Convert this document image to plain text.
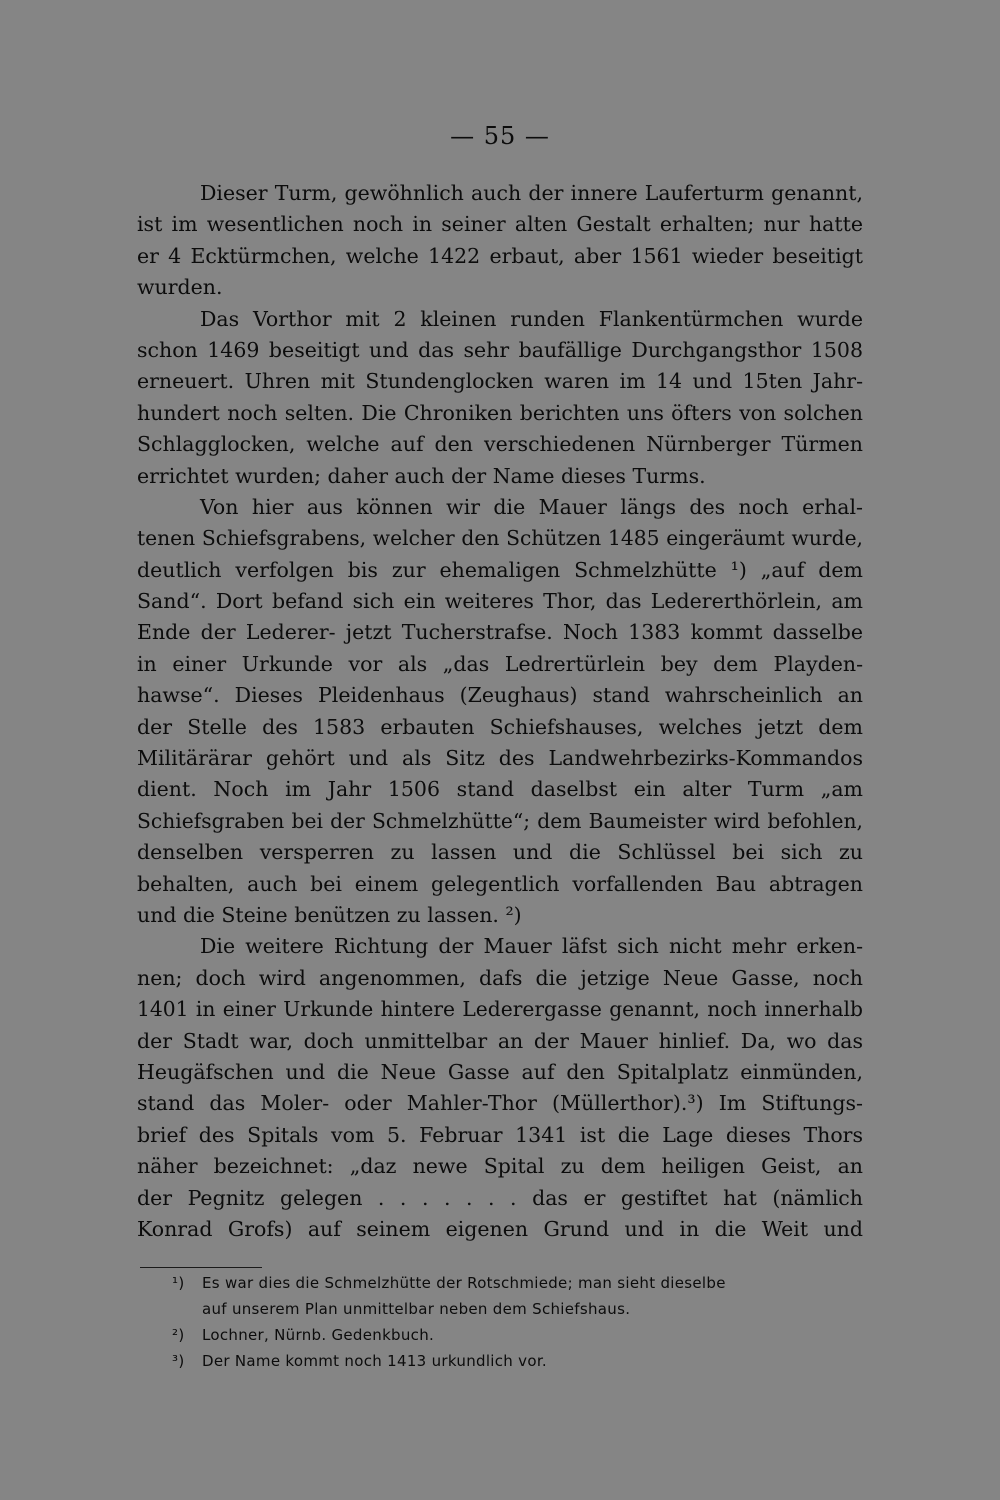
— 55 —
Dieser Turm, gewöhnlich auch der innere Lauferturm genannt,
ist im wesentlichen noch in seiner alten Gestalt erhalten; nur hatte
er 4 Ecktürmchen, welche 1422 erbaut, aber 1561 wieder beseitigt
wurden.
Das Vorthor mit 2 kleinen runden Flankentürmchen wurde
schon 1469 beseitigt und das sehr baufällige Durchgangsthor 1508
erneuert. Uhren mit Stundenglocken waren im 14 und 15ten Jahr-
hundert noch selten. Die Chroniken berichten uns öfters von solchen
Schlagglocken, welche auf den verschiedenen Nürnberger Türmen
errichtet wurden; daher auch der Name dieses Turms.
Von hier aus können wir die Mauer längs des noch erhal-
tenen Schiefsgrabens, welcher den Schützen 1485 eingeräumt wurde,
deutlich verfolgen bis zur ehemaligen Schmelzhütte ¹) „auf dem
Sand“. Dort befand sich ein weiteres Thor, das Ledererthörlein, am
Ende der Lederer- jetzt Tucherstrafse. Noch 1383 kommt dasselbe
in einer Urkunde vor als „das Ledrertürlein bey dem Playden-
hawse“. Dieses Pleidenhaus (Zeughaus) stand wahrscheinlich an
der Stelle des 1583 erbauten Schiefshauses, welches jetzt dem
Militärärar gehört und als Sitz des Landwehrbezirks-Kommandos
dient. Noch im Jahr 1506 stand daselbst ein alter Turm „am
Schiefsgraben bei der Schmelzhütte“; dem Baumeister wird befohlen,
denselben versperren zu lassen und die Schlüssel bei sich zu
behalten, auch bei einem gelegentlich vorfallenden Bau abtragen
und die Steine benützen zu lassen. ²)
Die weitere Richtung der Mauer läfst sich nicht mehr erken-
nen; doch wird angenommen, dafs die jetzige Neue Gasse, noch
1401 in einer Urkunde hintere Lederergasse genannt, noch innerhalb
der Stadt war, doch unmittelbar an der Mauer hinlief. Da, wo das
Heugäfschen und die Neue Gasse auf den Spitalplatz einmünden,
stand das Moler- oder Mahler-Thor (Müllerthor).³) Im Stiftungs-
brief des Spitals vom 5. Februar 1341 ist die Lage dieses Thors
näher bezeichnet: „daz newe Spital zu dem heiligen Geist, an
der Pegnitz gelegen . . . . . . . das er gestiftet hat (nämlich
Konrad Grofs) auf seinem eigenen Grund und in die Weit und
¹) Es war dies die Schmelzhütte der Rotschmiede; man sieht dieselbe
auf unserem Plan unmittelbar neben dem Schiefshaus.
²) Lochner, Nürnb. Gedenkbuch.
³) Der Name kommt noch 1413 urkundlich vor.
